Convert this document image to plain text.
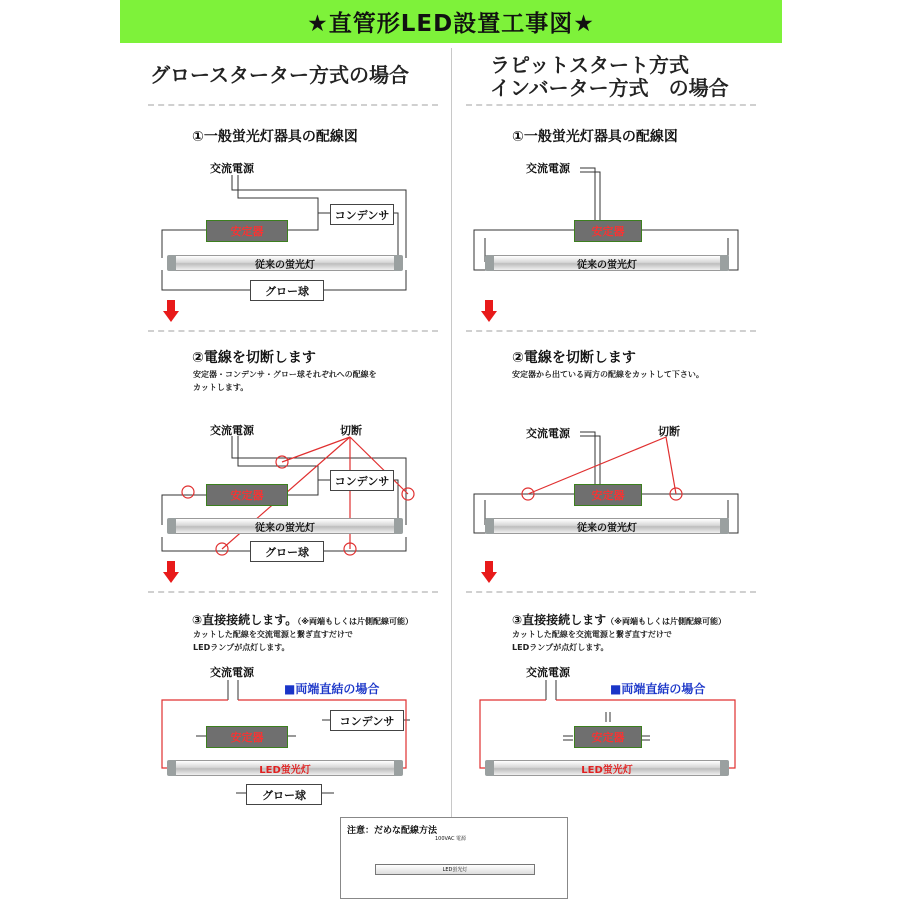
★直管形LED設置工事図★
グロースターター方式の場合	ラピットスタート方式
インバーター方式　の場合
①一般蛍光灯器具の配線図	①一般蛍光灯器具の配線図
②電線を切断します
安定器・コンデンサ・グロー球それぞれへの配線を
カットします。
②電線を切断します
安定器から出ている両方の配線をカットして下さい。
③直接接続します。（※両端もしくは片側配線可能）
カットした配線を交流電源と繋ぎ直すだけで
LEDランプが点灯します。
③直接接続します（※両端もしくは片側配線可能）
カットした配線を交流電源と繋ぎ直すだけで
LEDランプが点灯します。
交流電源
コンデンサ
安定器
従来の蛍光灯
グロー球
交流電源
安定器
従来の蛍光灯
交流電源	切断
コンデンサ
安定器
従来の蛍光灯
グロー球
交流電源	切断
安定器
従来の蛍光灯
交流電源
■両端直結の場合
コンデンサ
安定器
LED蛍光灯
グロー球
交流電源
■両端直結の場合
安定器
LED蛍光灯
注意：だめな配線方法
100VAC 電源
LED蛍光灯
